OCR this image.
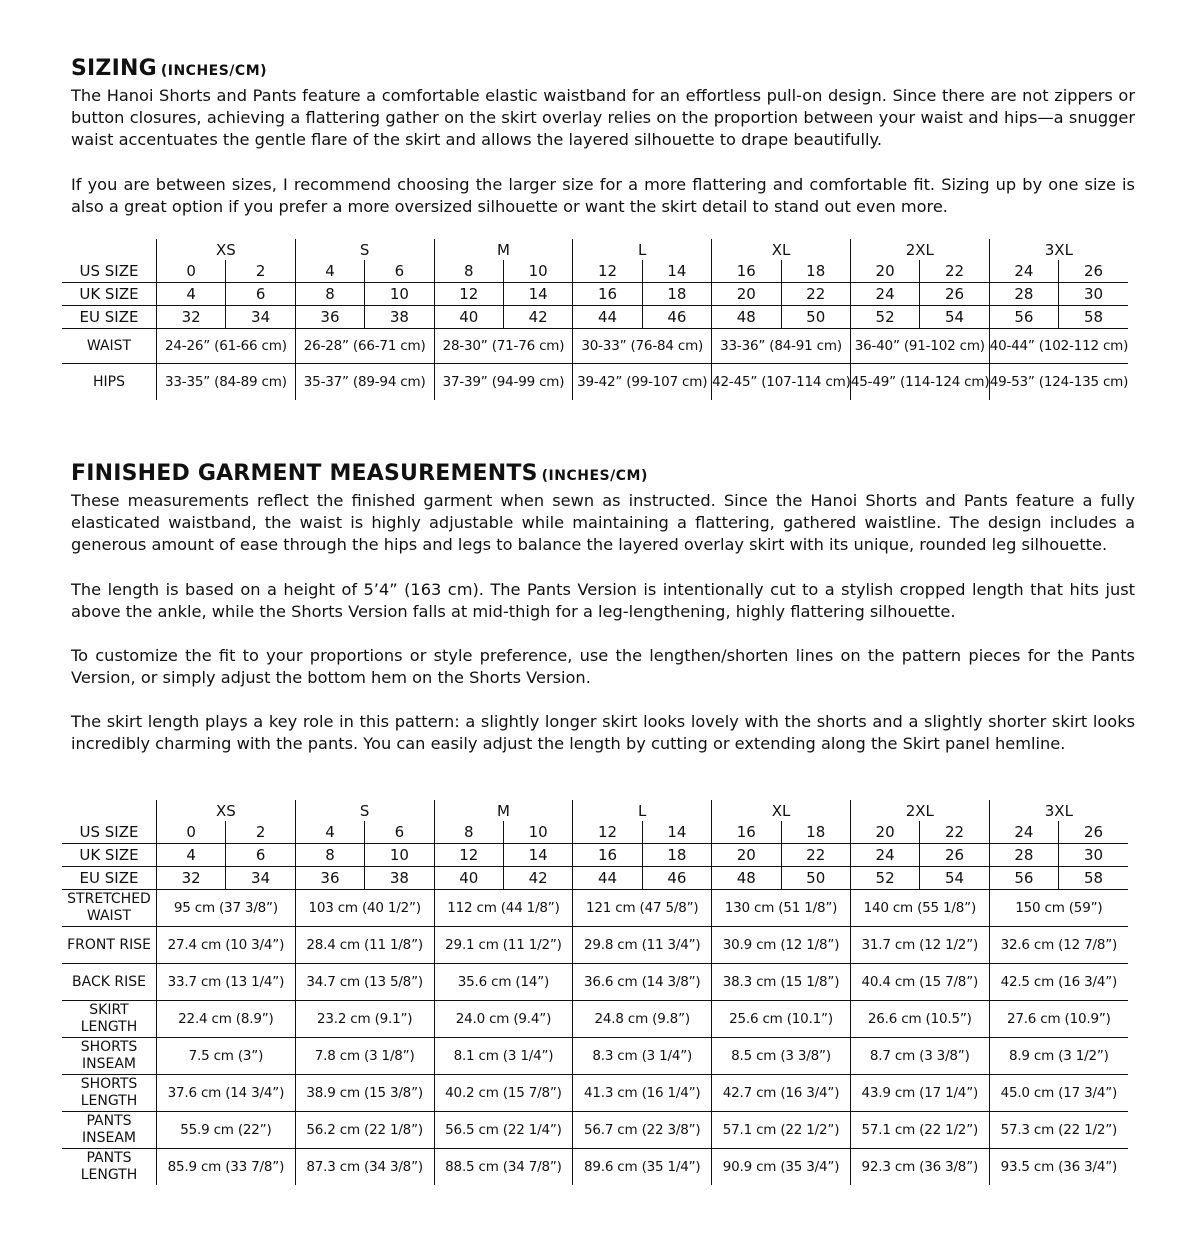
SIZING (INCHES/CM)

The Hanoi Shorts and Pants feature a comfortable elastic waistband for an effortless pull-on design. Since there are not zippers or button closures, achieving a flattering gather on the skirt overlay relies on the proportion between your waist and hips—a snugger waist accentuates the gentle flare of the skirt and allows the layered silhouette to drape beautifully.

If you are between sizes, I recommend choosing the larger size for a more flattering and comfortable fit. Sizing up by one size is also a great option if you prefer a more oversized silhouette or want the skirt detail to stand out even more.

	XS		S		M		L		XL		2XL		3XL	
US SIZE	0	2	4	6	8	10	12	14	16	18	20	22	24	26
UK SIZE	4	6	8	10	12	14	16	18	20	22	24	26	28	30
EU SIZE	32	34	36	38	40	42	44	46	48	50	52	54	56	58
WAIST	24-26” (61-66 cm)		26-28” (66-71 cm)		28-30” (71-76 cm)		30-33” (76-84 cm)		33-36” (84-91 cm)		36-40” (91-102 cm)		40-44” (102-112 cm)	
HIPS	33-35” (84-89 cm)		35-37” (89-94 cm)		37-39” (94-99 cm)		39-42” (99-107 cm)		42-45” (107-114 cm)		45-49” (114-124 cm)		49-53” (124-135 cm)	
FINISHED GARMENT MEASUREMENTS (INCHES/CM)

These measurements reflect the finished garment when sewn as instructed. Since the Hanoi Shorts and Pants feature a fully elasticated waistband, the waist is highly adjustable while maintaining a flattering, gathered waistline. The design includes a generous amount of ease through the hips and legs to balance the layered overlay skirt with its unique, rounded leg silhouette.

The length is based on a height of 5’4” (163 cm). The Pants Version is intentionally cut to a stylish cropped length that hits just above the ankle, while the Shorts Version falls at mid-thigh for a leg-lengthening, highly flattering silhouette.

To customize the fit to your proportions or style preference, use the lengthen/shorten lines on the pattern pieces for the Pants Version, or simply adjust the bottom hem on the Shorts Version.

The skirt length plays a key role in this pattern: a slightly longer skirt looks lovely with the shorts and a slightly shorter skirt looks incredibly charming with the pants. You can easily adjust the length by cutting or extending along the Skirt panel hemline.

	XS		S		M		L		XL		2XL		3XL	
US SIZE	0	2	4	6	8	10	12	14	16	18	20	22	24	26
UK SIZE	4	6	8	10	12	14	16	18	20	22	24	26	28	30
EU SIZE	32	34	36	38	40	42	44	46	48	50	52	54	56	58
STRETCHED WAIST	95 cm (37 3/8”)		103 cm (40 1/2”)		112 cm (44 1/8”)		121 cm (47 5/8”)		130 cm (51 1/8”)		140 cm (55 1/8”)		150 cm (59”)	
FRONT RISE	27.4 cm (10 3/4”)		28.4 cm (11 1/8”)		29.1 cm (11 1/2”)		29.8 cm (11 3/4”)		30.9 cm (12 1/8”)		31.7 cm (12 1/2”)		32.6 cm (12 7/8”)	
BACK RISE	33.7 cm (13 1/4”)		34.7 cm (13 5/8”)		35.6 cm (14”)		36.6 cm (14 3/8”)		38.3 cm (15 1/8”)		40.4 cm (15 7/8”)		42.5 cm (16 3/4”)	
SKIRT LENGTH	22.4 cm (8.9”)		23.2 cm (9.1”)		24.0 cm (9.4”)		24.8 cm (9.8”)		25.6 cm (10.1”)		26.6 cm (10.5”)		27.6 cm (10.9”)	
SHORTS INSEAM	7.5 cm (3”)		7.8 cm (3 1/8”)		8.1 cm (3 1/4”)		8.3 cm (3 1/4”)		8.5 cm (3 3/8”)		8.7 cm (3 3/8”)		8.9 cm (3 1/2”)	
SHORTS LENGTH	37.6 cm (14 3/4”)		38.9 cm (15 3/8”)		40.2 cm (15 7/8”)		41.3 cm (16 1/4”)		42.7 cm (16 3/4”)		43.9 cm (17 1/4”)		45.0 cm (17 3/4”)	
PANTS INSEAM	55.9 cm (22”)		56.2 cm (22 1/8”)		56.5 cm (22 1/4”)		56.7 cm (22 3/8”)		57.1 cm (22 1/2”)		57.1 cm (22 1/2”)		57.3 cm (22 1/2”)	
PANTS LENGTH	85.9 cm (33 7/8”)		87.3 cm (34 3/8”)		88.5 cm (34 7/8”)		89.6 cm (35 1/4”)		90.9 cm (35 3/4”)		92.3 cm (36 3/8”)		93.5 cm (36 3/4”)	
